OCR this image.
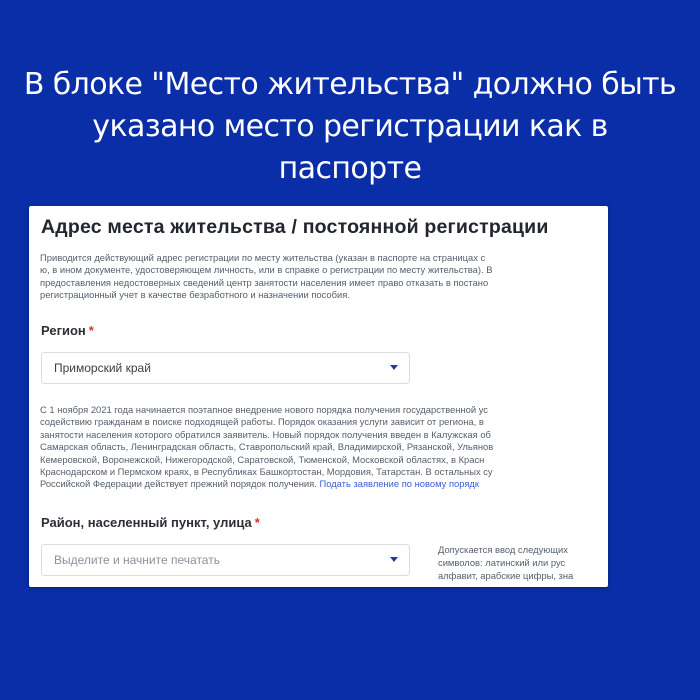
В блоке "Место жительства" должно быть
указано место регистрации как в
паспорте
Адрес места жительства / постоянной регистрации
Приводится действующий адрес регистрации по месту жительства (указан в паспорте на страницах с
ю, в ином документе, удостоверяющем личность, или в справке о регистрации по месту жительства). В
предоставления недостоверных сведений центр занятости населения имеет право отказать в постано
регистрационный учет в качестве безработного и назначении пособия.
Регион *
Приморский край
С 1 ноября 2021 года начинается поэтапное внедрение нового порядка получения государственной ус
содействию гражданам в поиске подходящей работы. Порядок оказания услуги зависит от региона, в
занятости населения которого обратился заявитель. Новый порядок получения введен в Калужская об
Самарская область, Ленинградская область, Ставропольский край, Владимирской, Рязанской, Ульянов
Кемеровской, Воронежской, Нижегородской, Саратовской, Тюменской, Московской областях, в Красн
Краснодарском и Пермском краях, в Республиках Башкортостан, Мордовия, Татарстан. В остальных су
Российской Федерации действует прежний порядок получения. Подать заявление по новому порядк
Район, населенный пункт, улица *
Выделите и начните печатать
Допускается ввод следующих
символов: латинский или рус
алфавит, арабские цифры, зна
